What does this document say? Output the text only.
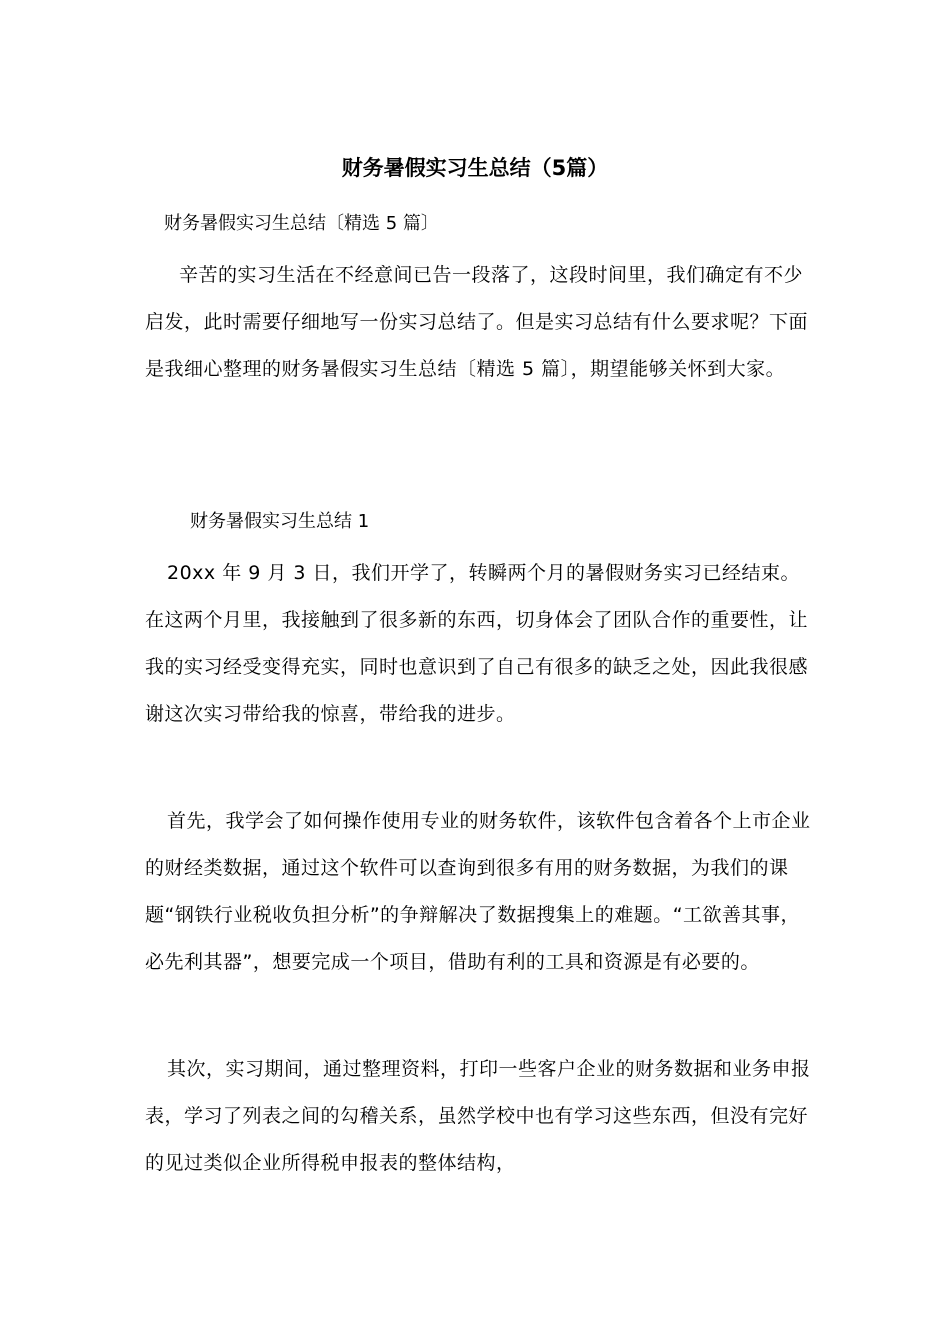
财务暑假实习生总结（5篇）
财务暑假实习生总结〔精选 5 篇〕
辛苦的实习生活在不经意间已告一段落了，这段时间里，我们确定有不少启发，此时需要仔细地写一份实习总结了。但是实习总结有什么要求呢？下面是我细心整理的财务暑假实习生总结〔精选 5 篇〕，期望能够关怀到大家。
财务暑假实习生总结 1
20xx 年 9 月 3 日，我们开学了，转瞬两个月的暑假财务实习已经结束。在这两个月里，我接触到了很多新的东西，切身体会了团队合作的重要性，让我的实习经受变得充实，同时也意识到了自己有很多的缺乏之处，因此我很感谢这次实习带给我的惊喜，带给我的进步。
首先，我学会了如何操作使用专业的财务软件，该软件包含着各个上市企业的财经类数据，通过这个软件可以查询到很多有用的财务数据，为我们的课题“钢铁行业税收负担分析”的争辩解决了数据搜集上的难题。“工欲善其事，必先利其器”，想要完成一个项目，借助有利的工具和资源是有必要的。
其次，实习期间，通过整理资料，打印一些客户企业的财务数据和业务申报表，学习了列表之间的勾稽关系，虽然学校中也有学习这些东西，但没有完好的见过类似企业所得税申报表的整体结构，
